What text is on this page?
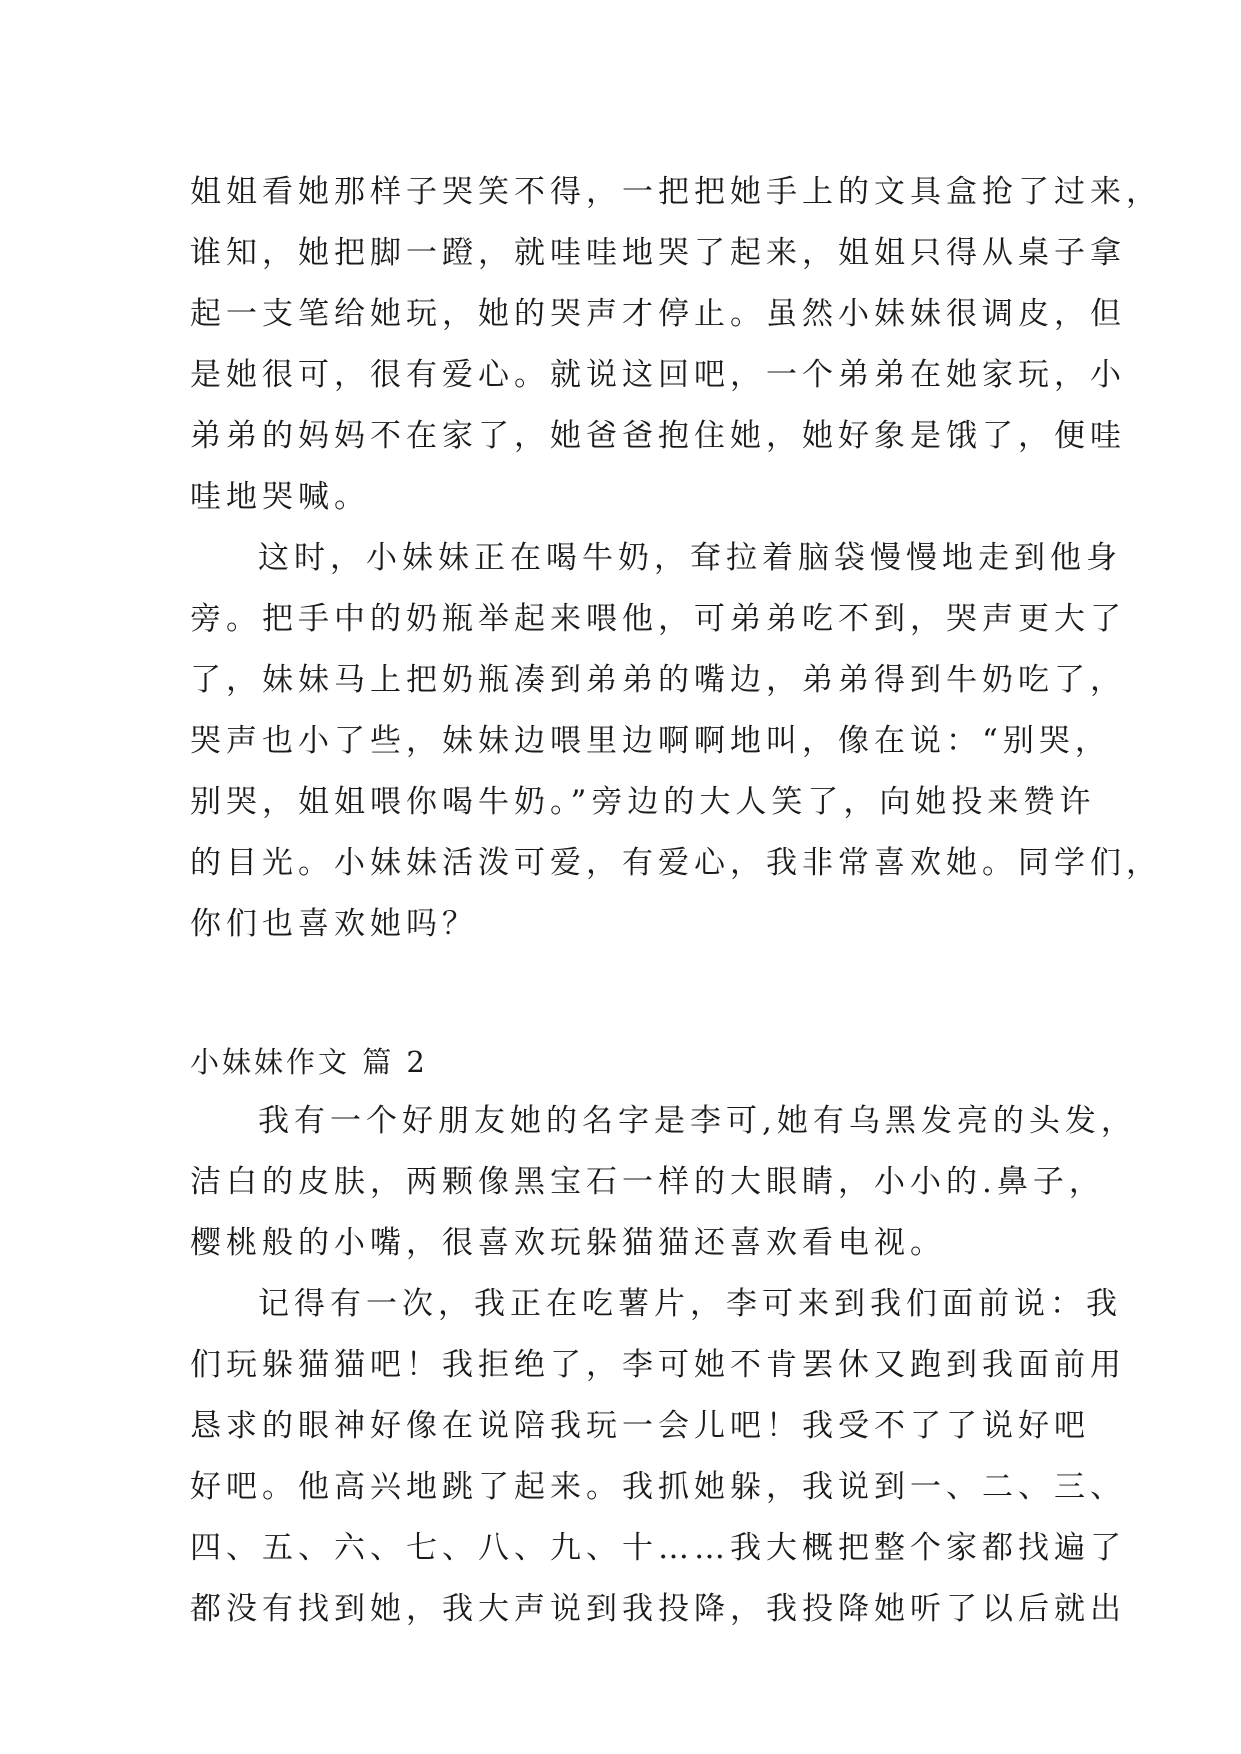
姐姐看她那样子哭笑不得，一把把她手上的文具盒抢了过来，
谁知，她把脚一蹬，就哇哇地哭了起来，姐姐只得从桌子拿
起一支笔给她玩，她的哭声才停止。虽然小妹妹很调皮，但
是她很可，很有爱心。就说这回吧，一个弟弟在她家玩，小
弟弟的妈妈不在家了，她爸爸抱住她，她好象是饿了，便哇
哇地哭喊。
这时，小妹妹正在喝牛奶，耷拉着脑袋慢慢地走到他身
旁。把手中的奶瓶举起来喂他，可弟弟吃不到，哭声更大了
了，妹妹马上把奶瓶凑到弟弟的嘴边，弟弟得到牛奶吃了，
哭声也小了些，妹妹边喂里边啊啊地叫，像在说：“别哭，
别哭，姐姐喂你喝牛奶。”旁边的大人笑了，向她投来赞许
的目光。小妹妹活泼可爱，有爱心，我非常喜欢她。同学们，
你们也喜欢她吗？
小妹妹作文 篇 2
我有一个好朋友她的名字是李可,她有乌黑发亮的头发，
洁白的皮肤，两颗像黑宝石一样的大眼睛，小小的.鼻子，
樱桃般的小嘴，很喜欢玩躲猫猫还喜欢看电视。
记得有一次，我正在吃薯片，李可来到我们面前说：我
们玩躲猫猫吧！我拒绝了，李可她不肯罢休又跑到我面前用
恳求的眼神好像在说陪我玩一会儿吧！我受不了了说好吧
好吧。他高兴地跳了起来。我抓她躲，我说到一、二、三、
四、五、六、七、八、九、十……我大概把整个家都找遍了
都没有找到她，我大声说到我投降，我投降她听了以后就出
